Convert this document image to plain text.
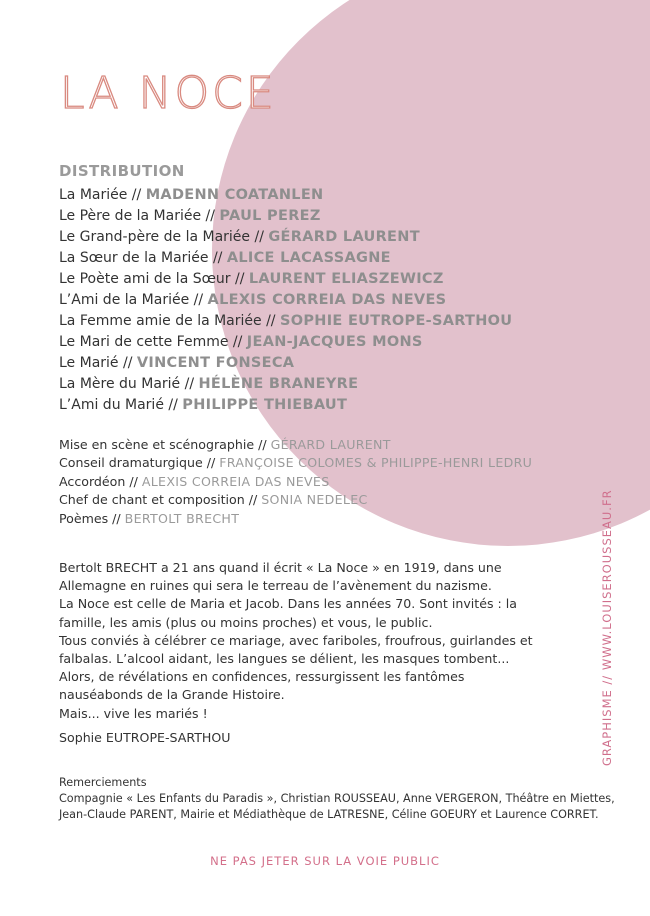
LA NOCE
DISTRIBUTION
La Mariée // MADENN COATANLEN
Le Père de la Mariée // PAUL PEREZ
Le Grand-père de la Mariée // GÉRARD LAURENT
La Sœur de la Mariée // ALICE LACASSAGNE
Le Poète ami de la Sœur // LAURENT ELIASZEWICZ
L’Ami de la Mariée // ALEXIS CORREIA DAS NEVES
La Femme amie de la Mariée // SOPHIE EUTROPE-SARTHOU
Le Mari de cette Femme // JEAN-JACQUES MONS
Le Marié // VINCENT FONSECA
La Mère du Marié // HÉLÈNE BRANEYRE
L’Ami du Marié // PHILIPPE THIEBAUT
Mise en scène et scénographie // GÉRARD LAURENT
Conseil dramaturgique // FRANÇOISE COLOMES & PHILIPPE-HENRI LEDRU
Accordéon // ALEXIS CORREIA DAS NEVES
Chef de chant et composition // SONIA NEDELEC
Poèmes // BERTOLT BRECHT
Bertolt BRECHT a 21 ans quand il écrit « La Noce » en 1919, dans une
Allemagne en ruines qui sera le terreau de l’avènement du nazisme.
La Noce est celle de Maria et Jacob. Dans les années 70. Sont invités : la
famille, les amis (plus ou moins proches) et vous, le public.
Tous conviés à célébrer ce mariage, avec fariboles, froufrous, guirlandes et
falbalas. L’alcool aidant, les langues se délient, les masques tombent...
Alors, de révélations en confidences, ressurgissent les fantômes
nauséabonds de la Grande Histoire.
Mais... vive les mariés !
Sophie EUTROPE-SARTHOU
Remerciements
Compagnie « Les Enfants du Paradis », Christian ROUSSEAU, Anne VERGERON, Théâtre en Miettes,
Jean-Claude PARENT, Mairie et Médiathèque de LATRESNE, Céline GOEURY et Laurence CORRET.
NE PAS JETER SUR LA VOIE PUBLIC
GRAPHISME // WWW.LOUISEROUSSEAU.FR
